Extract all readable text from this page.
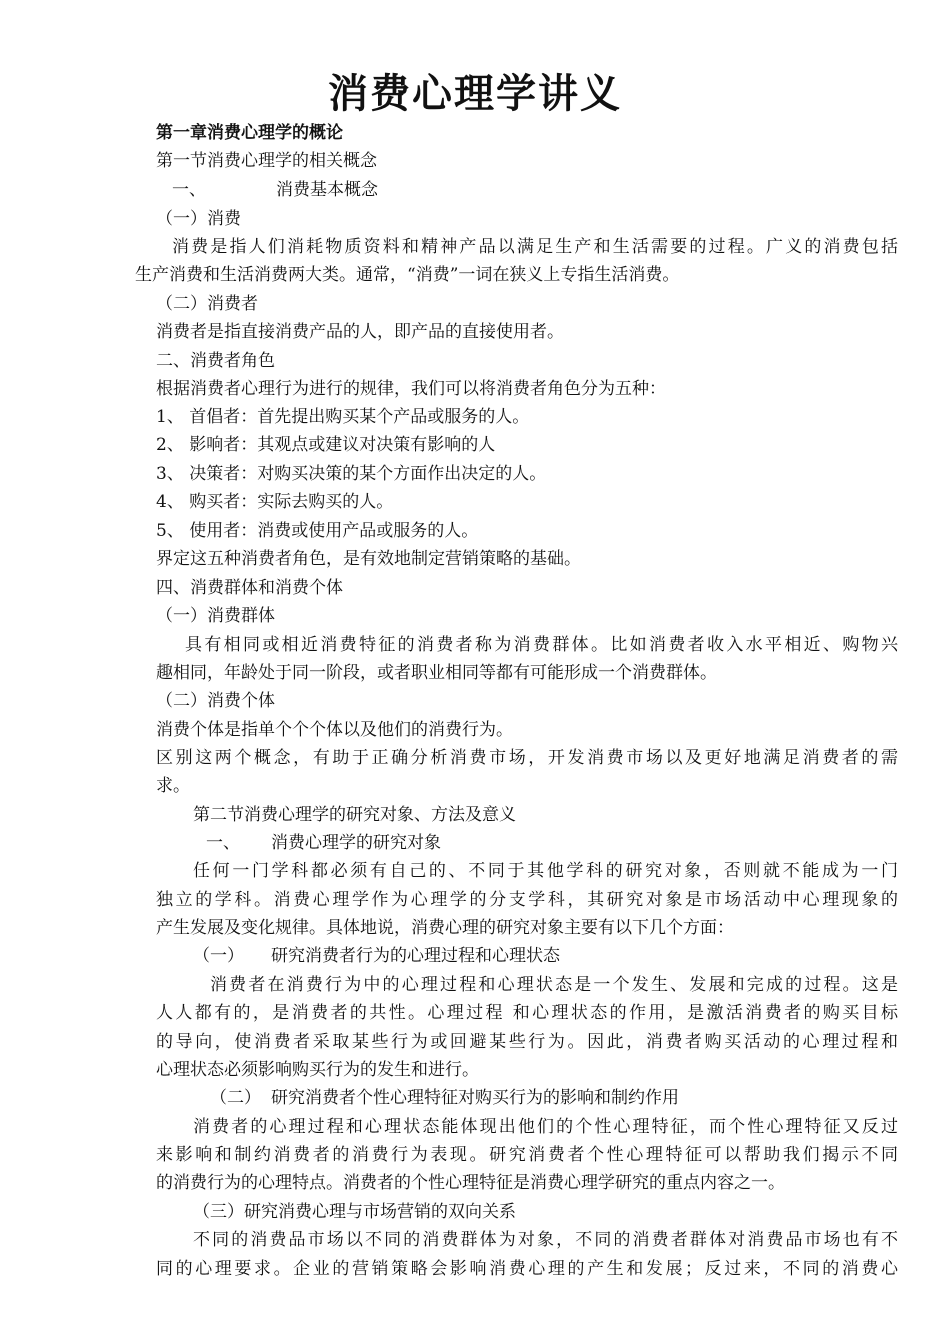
消费心理学讲义
第一章消费心理学的概论
第一节消费心理学的相关概念
一、	消费基本概念
（一）消费
消费是指人们消耗物质资料和精神产品以满足生产和生活需要的过程。广义的消费包括
生产消费和生活消费两大类。通常，“消费”一词在狭义上专指生活消费。
（二）消费者
消费者是指直接消费产品的人，即产品的直接使用者。
二、消费者角色
根据消费者心理行为进行的规律，我们可以将消费者角色分为五种：
1、 首倡者：首先提出购买某个产品或服务的人。
2、 影响者：其观点或建议对决策有影响的人
3、 决策者：对购买决策的某个方面作出决定的人。
4、 购买者：实际去购买的人。
5、 使用者：消费或使用产品或服务的人。
界定这五种消费者角色，是有效地制定营销策略的基础。
四、消费群体和消费个体
（一）消费群体
具有相同或相近消费特征的消费者称为消费群体。比如消费者收入水平相近、购物兴
趣相同，年龄处于同一阶段，或者职业相同等都有可能形成一个消费群体。
（二）消费个体
消费个体是指单个个个体以及他们的消费行为。
区别这两个概念，有助于正确分析消费市场，开发消费市场以及更好地满足消费者的需
求。
第二节消费心理学的研究对象、方法及意义
一、 消费心理学的研究对象
任何一门学科都必须有自己的、不同于其他学科的研究对象，否则就不能成为一门
独立的学科。消费心理学作为心理学的分支学科，其研究对象是市场活动中心理现象的
产生发展及变化规律。具体地说，消费心理的研究对象主要有以下几个方面：
（一） 研究消费者行为的心理过程和心理状态
消费者在消费行为中的心理过程和心理状态是一个发生、发展和完成的过程。这是
人人都有的，是消费者的共性。心理过程 和心理状态的作用，是激活消费者的购买目标
的导向，使消费者采取某些行为或回避某些行为。因此，消费者购买活动的心理过程和
心理状态必须影响购买行为的发生和进行。
（二） 研究消费者个性心理特征对购买行为的影响和制约作用
消费者的心理过程和心理状态能体现出他们的个性心理特征，而个性心理特征又反过
来影响和制约消费者的消费行为表现。研究消费者个性心理特征可以帮助我们揭示不同
的消费行为的心理特点。消费者的个性心理特征是消费心理学研究的重点内容之一。
（三）研究消费心理与市场营销的双向关系
不同的消费品市场以不同的消费群体为对象，不同的消费者群体对消费品市场也有不
同的心理要求。企业的营销策略会影响消费心理的产生和发展；反过来，不同的消费心
